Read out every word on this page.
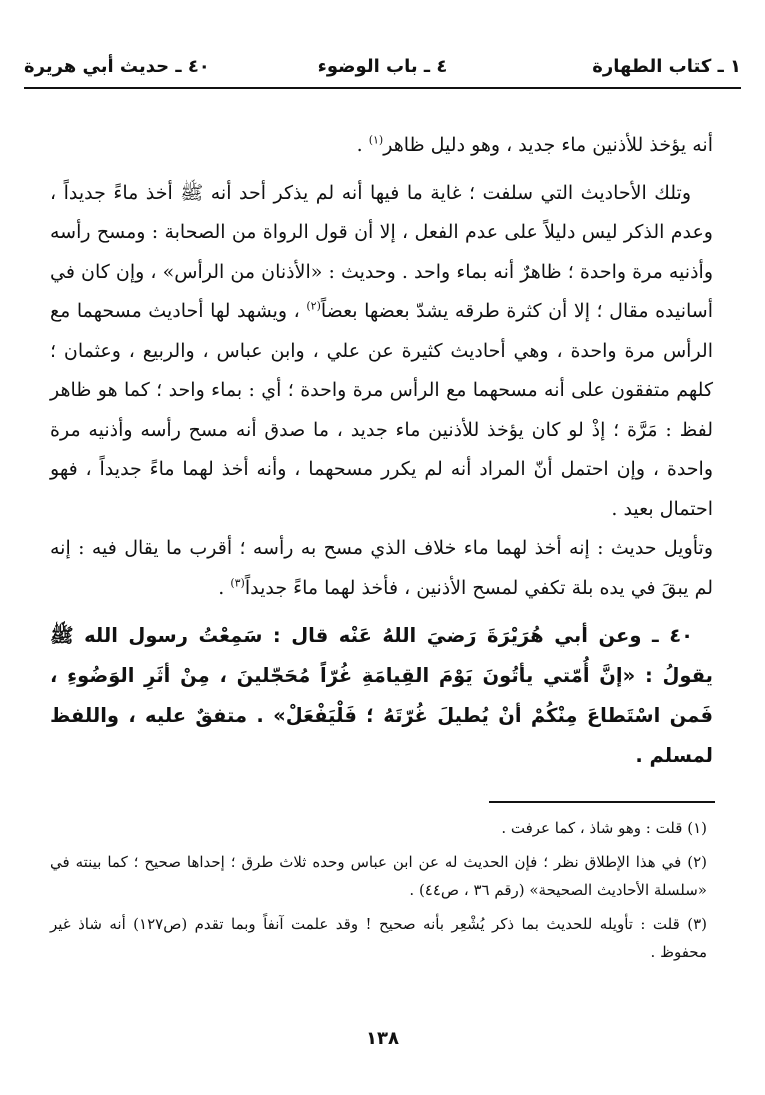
١ ـ كتاب الطهارة
٤ ـ باب الوضوء
٤٠ ـ حديث أبي هريرة

أنه يؤخذ للأذنين ماء جديد ، وهو دليل ظاهر$^{(١)}$ .

وتلك الأحاديث التي سلفت ؛ غاية ما فيها أنه لم يذكر أحد أنه ﷺ أخذ ماءً جديداً ، وعدم الذكر ليس دليلاً على عدم الفعل ، إلا أن قول الرواة من الصحابة : ومسح رأسه وأذنيه مرة واحدة ؛ ظاهرٌ أنه بماء واحد . وحديث : «الأذنان من الرأس» ، وإن كان في أسانيده مقال ؛ إلا أن كثرة طرقه يشدّ بعضها بعضاً$^{(٢)}$ ، ويشهد لها أحاديث مسحهما مع الرأس مرة واحدة ، وهي أحاديث كثيرة عن علي ، وابن عباس ، والربيع ، وعثمان ؛ كلهم متفقون على أنه مسحهما مع الرأس مرة واحدة ؛ أي : بماء واحد ؛ كما هو ظاهر لفظ : مَرَّة ؛ إذْ لو كان يؤخذ للأذنين ماء جديد ، ما صدق أنه مسح رأسه وأذنيه مرة واحدة ، وإن احتمل أنّ المراد أنه لم يكرر مسحهما ، وأنه أخذ لهما ماءً جديداً ، فهو احتمال بعيد .

وتأويل حديث : إنه أخذ لهما ماء خلاف الذي مسح به رأسه ؛ أقرب ما يقال فيه : إنه لم يبقَ في يده بلة تكفي لمسح الأذنين ، فأخذ لهما ماءً جديداً$^{(٣)}$ .

٤٠ ـ وعن أبي هُرَيْرَةَ رَضيَ اللهُ عَنْه قال : سَمِعْتُ رسول الله ﷺ يقولُ : «إنَّ أُمّتي يأتُونَ يَوْمَ القِيامَةِ غُرّاً مُحَجّلينَ ، مِنْ أثَرِ الوَضُوءِ ، فَمن اسْتَطاعَ مِنْكُمْ أنْ يُطيلَ غُرّتَهُ ؛ فَلْيَفْعَلْ» . متفقٌ عليه ، واللفظ لمسلم .

(١) قلت : وهو شاذ ، كما عرفت .

(٢) في هذا الإطلاق نظر ؛ فإن الحديث له عن ابن عباس وحده ثلاث طرق ؛ إحداها صحيح ؛ كما بينته في «سلسلة الأحاديث الصحيحة» (رقم ٣٦ ، ص٤٤) .

(٣) قلت : تأويله للحديث بما ذكر يُشْعِر بأنه صحيح ! وقد علمت آنفاً وبما تقدم (ص١٢٧) أنه شاذ غير محفوظ .

١٣٨
